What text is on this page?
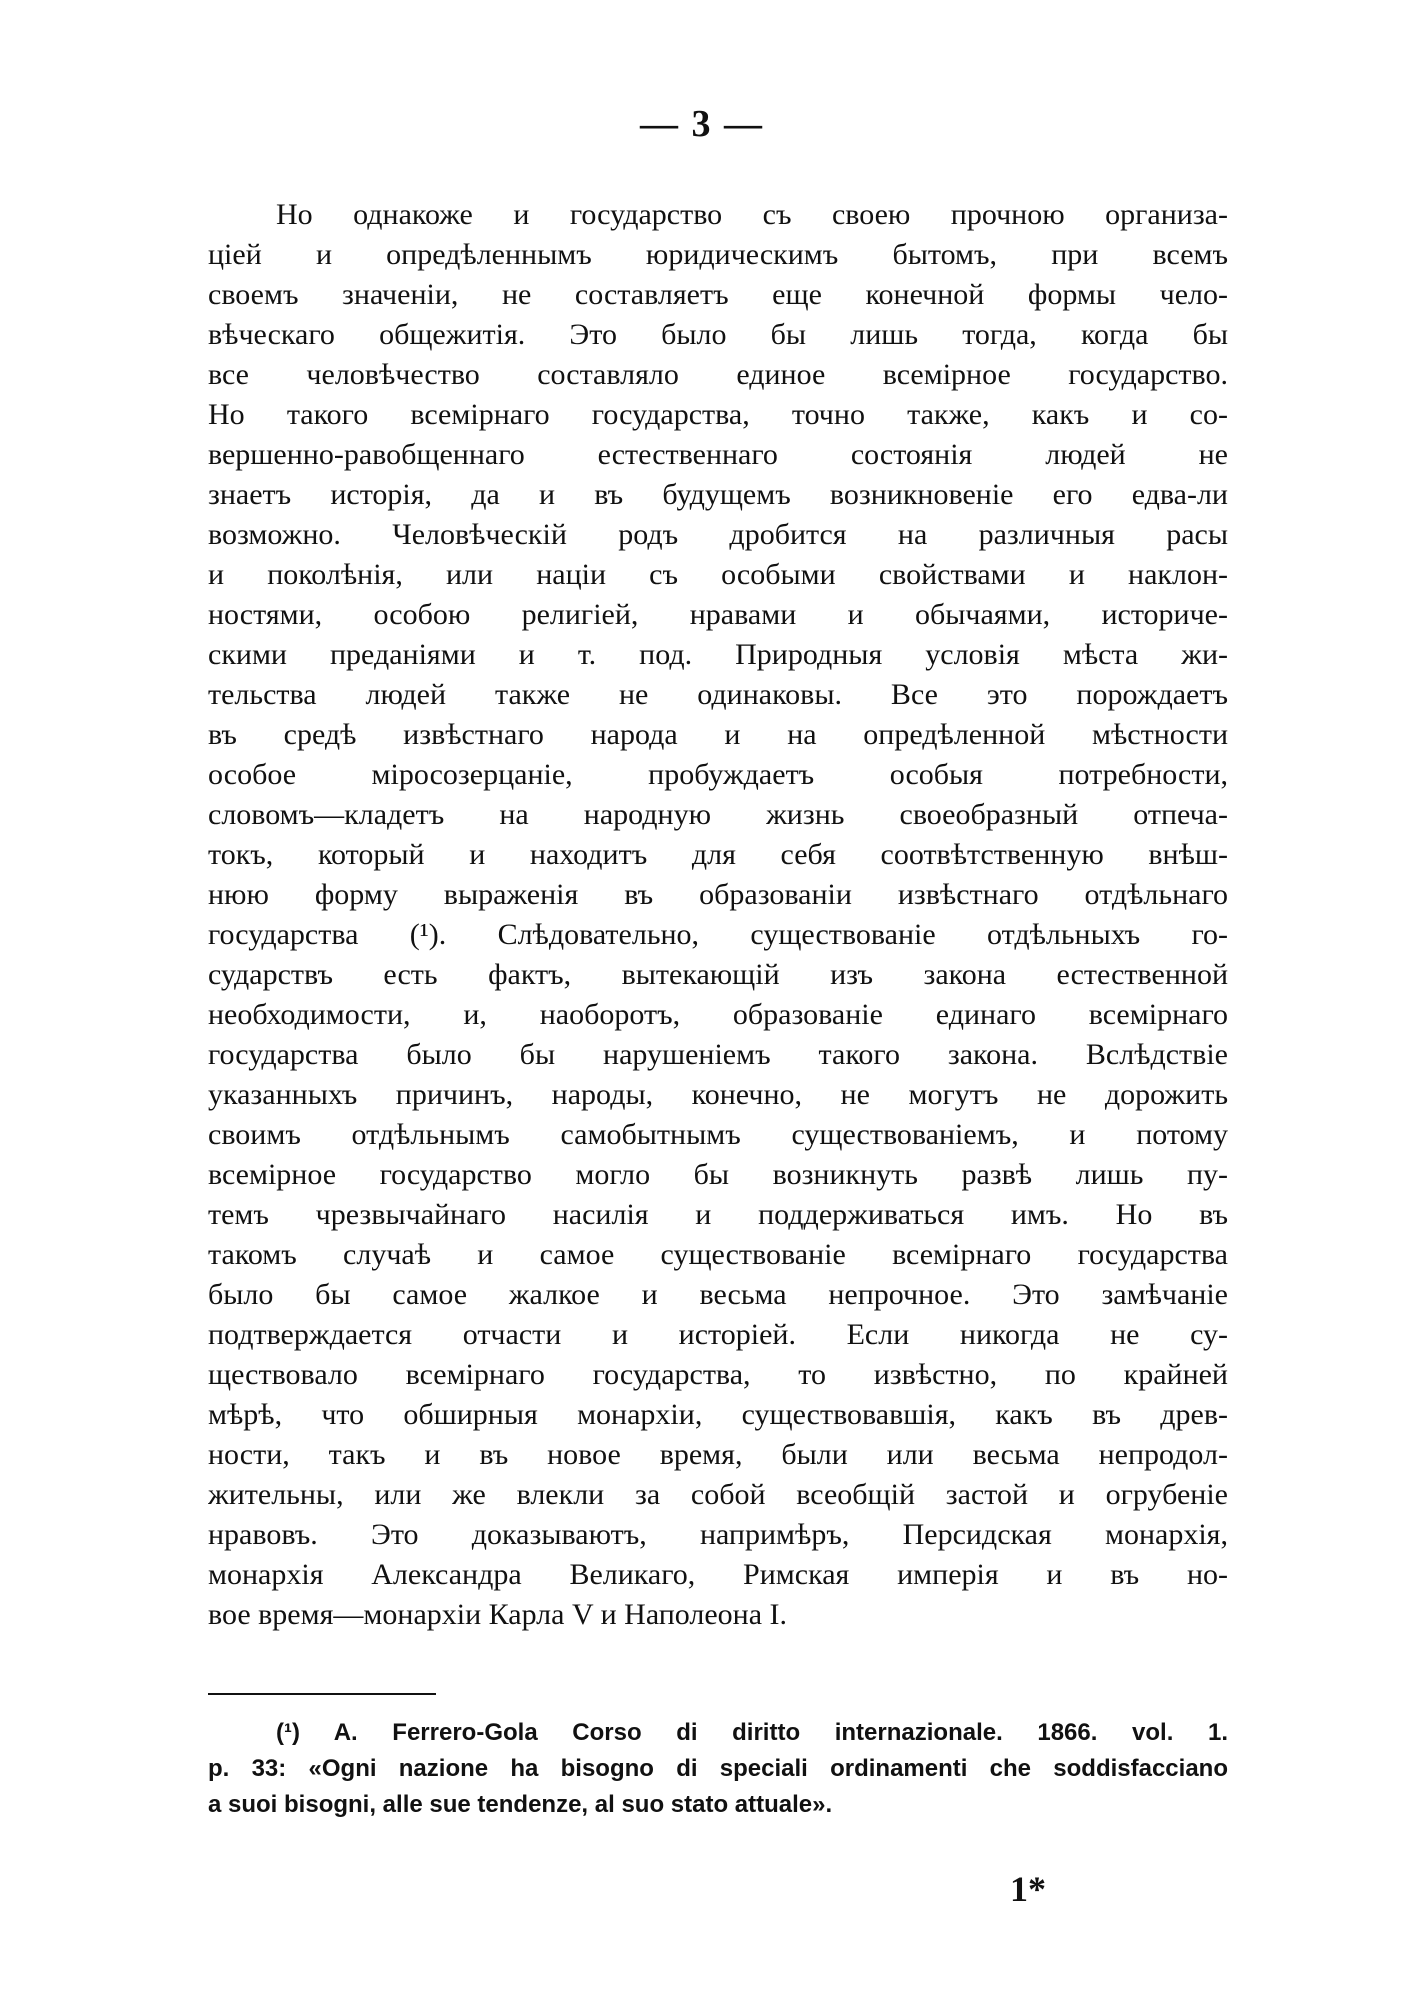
— 3 —
Но однакоже и государство съ своею прочною организа-
ціей и опредѣленнымъ юридическимъ бытомъ, при всемъ
своемъ значеніи, не составляетъ еще конечной формы чело-
вѣческаго общежитія. Это было бы лишь тогда, когда бы
все человѣчество составляло единое всемірное государство.
Но такого всемірнаго государства, точно также, какъ и со-
вершенно-равобщеннаго естественнаго состоянія людей не
знаетъ исторія, да и въ будущемъ возникновеніе его едва-ли
возможно. Человѣческій родъ дробится на различныя расы
и поколѣнія, или націи съ особыми свойствами и наклон-
ностями, особою религіей, нравами и обычаями, историче-
скими преданіями и т. под. Природныя условія мѣста жи-
тельства людей также не одинаковы. Все это порождаетъ
въ средѣ извѣстнаго народа и на опредѣленной мѣстности
особое міросозерцаніе, пробуждаетъ особыя потребности,
словомъ—кладетъ на народную жизнь своеобразный отпеча-
токъ, который и находитъ для себя соотвѣтственную внѣш-
нюю форму выраженія въ образованіи извѣстнаго отдѣльнаго
государства (¹). Слѣдовательно, существованіе отдѣльныхъ го-
сударствъ есть фактъ, вытекающій изъ закона естественной
необходимости, и, наоборотъ, образованіе единаго всемірнаго
государства было бы нарушеніемъ такого закона. Вслѣдствіе
указанныхъ причинъ, народы, конечно, не могутъ не дорожить
своимъ отдѣльнымъ самобытнымъ существованіемъ, и потому
всемірное государство могло бы возникнуть развѣ лишь пу-
темъ чрезвычайнаго насилія и поддерживаться имъ. Но въ
такомъ случаѣ и самое существованіе всемірнаго государства
было бы самое жалкое и весьма непрочное. Это замѣчаніе
подтверждается отчасти и исторіей. Если никогда не су-
ществовало всемірнаго государства, то извѣстно, по крайней
мѣрѣ, что обширныя монархіи, существовавшія, какъ въ древ-
ности, такъ и въ новое время, были или весьма непродол-
жительны, или же влекли за собой всеобщій застой и огрубеніе
нравовъ. Это доказываютъ, напримѣръ, Персидская монархія,
монархія Александра Великаго, Римская имперія и въ но-
вое время—монархіи Карла V и Наполеона I.
(¹) A. Ferrero-Gola Corso di diritto internazionale. 1866. vol. 1.
p. 33: «Ogni nazione ha bisogno di speciali ordinamenti che soddisfacciano
a suoi bisogni, alle sue tendenze, al suo stato attuale».
1*
